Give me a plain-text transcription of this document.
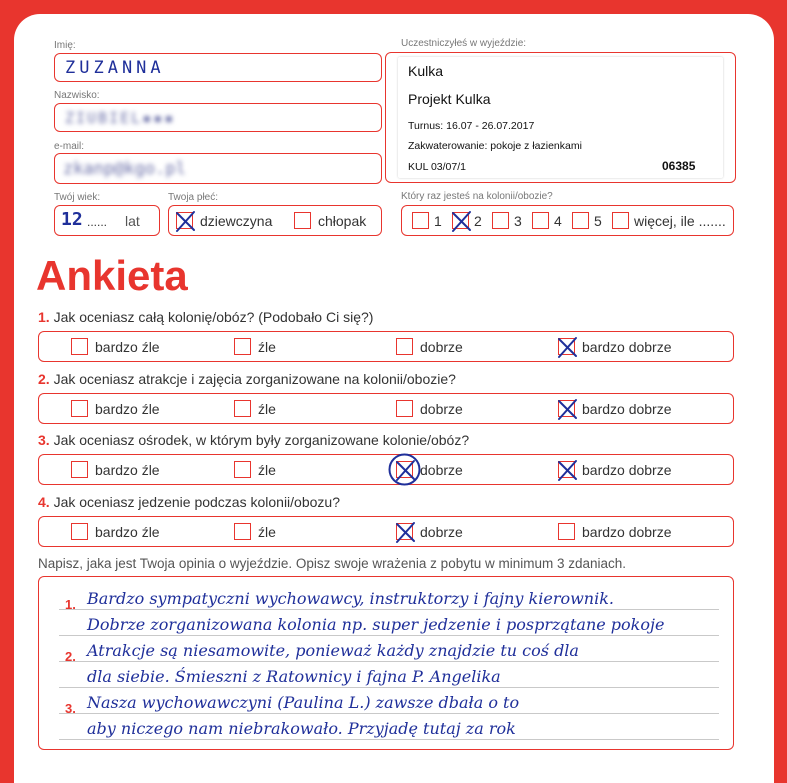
Imię:
ZUZANNA
Nazwisko:
ZIUBIEL▪▪▪
e-mail:
zkanp@kgo.pl
Twój wiek:
12 ...... lat
Twoja płeć:
dziewczyna	chłopak
Uczestniczyłeś w wyjeździe:
Kulka
Projekt Kulka
Turnus: 16.07 - 26.07.2017
Zakwaterowanie: pokoje z łazienkami
KUL 03/07/1	06385
Który raz jesteś na kolonii/obozie?
1 2 3 4 5 więcej, ile .......
Ankieta
1. Jak oceniasz całą kolonię/obóz? (Podobało Ci się?)
bardzo źle	źle	dobrze	bardzo dobrze
2. Jak oceniasz atrakcje i zajęcia zorganizowane na kolonii/obozie?
bardzo źle	źle	dobrze	bardzo dobrze
3. Jak oceniasz ośrodek, w którym były zorganizowane kolonie/obóz?
bardzo źle	źle	dobrze	bardzo dobrze
4. Jak oceniasz jedzenie podczas kolonii/obozu?
bardzo źle	źle	dobrze	bardzo dobrze
Napisz, jaka jest Twoja opinia o wyjeździe. Opisz swoje wrażenia z pobytu w minimum 3 zdaniach.
1.
2.
3.
Bardzo sympatyczni wychowawcy, instruktorzy i fajny kierownik.
Dobrze zorganizowana kolonia np. super jedzenie i posprzątane pokoje
Atrakcje są niesamowite, ponieważ każdy znajdzie tu coś dla
dla siebie. Śmieszni z Ratownicy i fajna P. Angelika
Nasza wychowawczyni (Paulina L.) zawsze dbała o to
aby niczego nam niebrakowało. Przyjadę tutaj za rok
